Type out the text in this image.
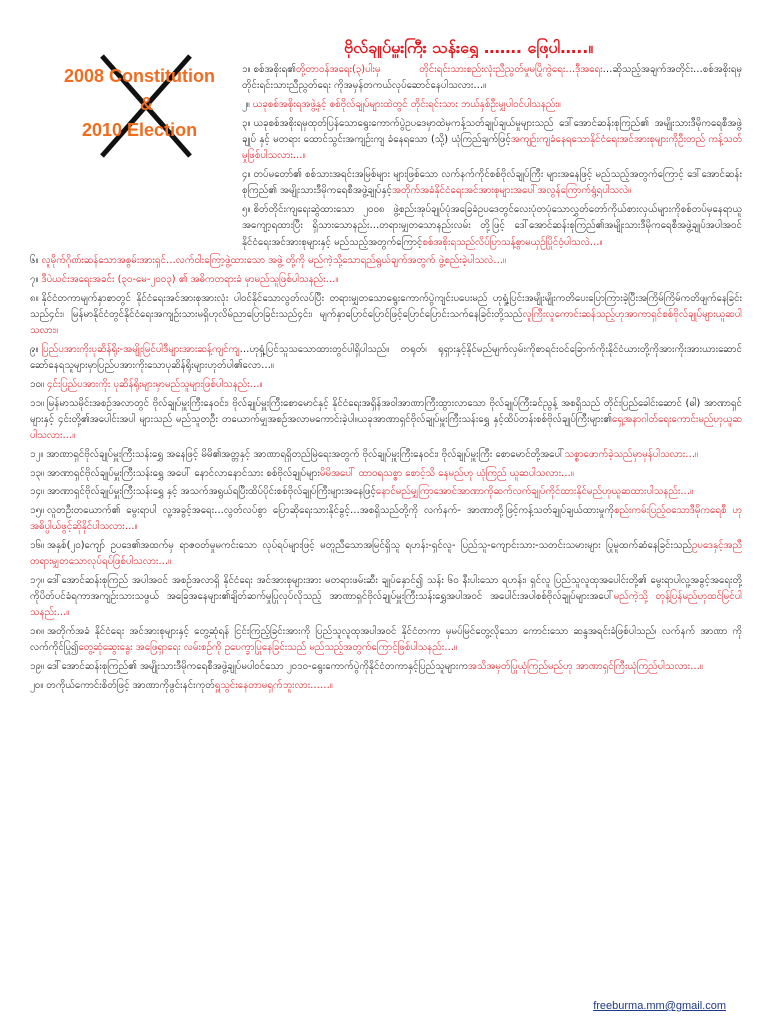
2008 Constitution
&
2010 Election
ဗိုလ်ချုပ်မှူးကြီး သန်းရွှေ ……. ဖြေပါ…..။
၁။ စစ်အစိုးရ၏တို့တာဝန်အရေး(၃)ပါးမှ တိုင်းရင်းသားစည်းလုံးညီညွတ်မှုမပြိုကွဲရေး…ဒီုအရေး…ဆိုသည့်အချက်အတိုင်း…စစ်အစိုးရမှ တိုင်းရင်းသားညီညွတ်ရေး ကိုအမှန်တကယ်လုပ်ဆောင်နေပါသလား…။
၂။ ယခုစစ်အစိုးရအဖွဲ့နှင့် စစ်ဗိုလ်ချုပ်များထဲတွင် တိုင်းရင်းသား ဘယ်နှစ်ဦးမျှပါဝင်ပါသနည်း။
၃။ ယခုစစ်အစိုးရမှထုတ်ပြန်သောရွေးကောက်ပွဲဥပဒေမှာထဲမှကန့်သတ်ချုပ်ချယ်မှုများသည် ဒေါ်အောင်ဆန်းစုကြည်၏ အမျိုးသားဒီမိုကရေစီအဖွဲ့ချုပ် နှင့် မတရား ထောင်သွင်းအကျဉ်းကျ ခံနေရသော (သို့) ယုံကြည်ချက်ဖြင့်အကျဉ်းကျခံနေရသောနိုင်ငံရေးအင်အားစုများကိုဦးတည် ကန့်သတ်မှုဖြစ်ပါသလား…။
၄။ တပ်မတော်၏ စစ်သားအရင်းအမြစ်များ များဖြစ်သော လက်နက်ကိုင်စစ်ဗိုလ်ချုပ်ကြီး များအနေဖြင့် မည်သည့်အတွက်ကြောင့် ဒေါ်အောင်ဆန်းစုကြည်၏ အမျိုးသားဒီမိုကရေစီအဖွဲ့ချုပ်နှင့်အတိုက်အခံနိုင်ငံရေးအင်အားစုများအပေါ်အလွန်ကြောက်ရွံ့ရပါသလဲ။
၅။ စိတ်တိုင်းကျရေးဆွဲထားသော ၂၀၀၈ ဖွဲ့စည်းအုပ်ချုပ်ပုံအခြေခံဥပဒေတွင်လေးပုံတပုံသောလွှတ်တော်ကိုယ်စားလှယ်များကိုစစ်တပ်မှနေရာယူ အကျော့ရထားပြီး ရှိသားသောနည်း…တရားမျှတသောနည်းလမ်း တို့ဖြင့် ဒေါ်အောင်ဆန်းစုကြည်၏အမျိုးသားဒီမိုကရေစီအဖွဲ့ချုပ်အပါအဝင်နိုင်ငံရေးအင်အားစုများနှင့် မည်သည့်အတွက်ကြောင့်စစ်အစိုးရသည်လိပ်ပြာသန့်စွာမယှဉ်ပြိုင်ဝံ့ပါသလဲ…။
၆။ လူမိုက်ဂိုဏ်းဆန်သောအစွမ်းအားရှင်…လက်ဝါးကြော့ဖွဲ့ထားသော အဖွဲ့ တို့ကို မည်ကဲ့သို့သောရည်ရွယ်ချက်အတွက် ဖွဲ့စည်းခဲ့ပါသလဲ…။
၇။ ဒီပဲယင်းအရေးအခင်း (၃၀-မေ-၂၀၀၃) ၏ အဓိကတရားခံ မှာမည်သူဖြစ်ပါသနည်း…။
၈။ နိုင်ငံတကာမျက်နှာစာတွင် နိုင်ငံရေးအင်အားစုအားလုံး ပါဝင်နိုင်သောလွတ်လပ်ပြီး တရားမျှတသောရွေးကောက်ပွဲကျင်းပပေးမည် ဟုရှုံ့ပြင်းအမျိုးမျိုးကတိပေးပြောကြားခဲ့ပြီးအကြိမ်ကြိမ်ကတိဖျက်နေခြင်းသည်၄င်း၊ မြန်မာနိုင်ငံတွင်နိုင်ငံရေးအကျဉ်းသားမရှိဟုလိမ်ညာပြောခြင်းသည်၄င်း၊ မျက်နှာပြောင်ပြောင်ဖြင့်ပြောင်ပြောင်းသက်နေခြင်းတို့သည်လူကြီးလူကောင်းဆန်သည့်ဟုအာကာရှင်စစ်ဗိုလ်ချုပ်များယူဆပါသလား။
၉။ ပြည်ပအားကိုးပုဆိန်ရိုး-အမျိုးမြင်ပါဒီများအားဆန့်ကျင်ကျ…ဟုရှုံ့ပြင်သူသသောထားတွင်ပါရှိပါသည်။ တရုတ်၊ ရုရှားနှင့်နိုင်မည်မျက်လှမ်းကိုစာရင်းဝင်ခြောက်ကိုးနိုင်ငံယားတို့ကိုအားကိုးအားယားဆောင်ဆော်နေရသူများမှာပြည်ပအားကိုးသောပုဆိန်ရိုးများဟုတ်ပါ၏လော…။
၁၀။ ၄င်းပြည်ပအားကိုး ပုဆိန်ရိုးများမှာမည်သူများဖြစ်ပါသနည်း…။
၁၁။ မြန်မာသမိုင်းအစဉ်အလာတွင် ဗိုလ်ချုပ်မှူးကြီးနေဝင်း၊ ဗိုလ်ချုပ်မှူးကြီးစောမောင်နှင့် နိုင်ငံရေးအရှိန်အဝါအာဏာကြီးထွားလာသော ဗိုလ်ချုပ်ကြီးခင်ညွန့် အစရှိသည် တိုင်းပြည်ခေါင်းဆောင် (ဓါ) အာဏာရှင်များနှင့် ၄င်းတို့၏အပေါင်းအပါ များသည် မည်သူတဦး တယောက်မျှအစဉ်အလာမကောင်းခဲ့ပါ။ယခုအာဏာရှင်ဗိုလ်ချုပ်မှူးကြီးသန်းရွှေ နှင့်ထိပ်တန်းစစ်ဗိုလ်ချုပ်ကြီးများ၏ရှေ့အနာဂါတ်ရေးကောင်းမည်ဟုယူဆပါသလား…။
၁၂။ အာဏာရှင်ဗိုလ်ချုပ်မှူးကြီးသန်းရွှေ အနေဖြင့် မိမိ၏အတ္တနှင့် အာဏာရရှိတည်မြဲရေးအတွက် ဗိုလ်ချုပ်မှူးကြီးနေဝင်း၊ ဗိုလ်ချုပ်မှူးကြီး စောမောင်တို့အပေါ်သစ္စာဖောက်ခဲ့သည်မှာမှန်ပါသလား…။
၁၃။ အာဏာရှင်ဗိုလ်ချုပ်မှူးကြီးသန်းရွှေ အပေါ် နောင်လာနောင်သား စစ်ဗိုလ်ချုပ်များမိမိအပေါ် ထာဝရသစ္စာ စောင့်သိ နေမည်ဟု ယုံကြည် ယူဆပါသလား…။
၁၄။ အာဏာရှင်ဗိုလ်ချုပ်မှူးကြီးသန်းရွှေ နှင့် အသက်အရွယ်ရပြီးထိပ်ပိုင်းစစ်ဗိုလ်ချုပ်ကြီးများအနေဖြင့်နောင်မည်မျှကြာအောင်အာဏာကိုဆက်လက်ချုပ်ကိုင်ထားနိုင်မည်ဟုယူဆထားပါသနည်း…။
၁၅။ လူတဦးတယောက်၏ မွေးရာပါ လူ့အခွင့်အရေး…လွတ်လပ်စွာ ပြောဆိုရေးသားနိုင်ခွင့်…အစရှိသည်တို့ကို လက်နက်- အာဏာတို့ဖြင့်ကန့်သတ်ချုပ်ချယ်ထားမှုကိုစည်းကမ်းပြည့်ဝသောဒီမိုကရေစီ ဟုအဓိပ္ပါယ်ဖွင့်ဆိုနိုင်ပါသလား…။
၁၆။ အနှစ်(၂၀)ကျော် ဥပဒေ၏အထက်မှ ရာဇဝတ်မှုမကင်းသော လုပ်ရပ်များဖြင့် မတူညီသောအမြင်ရှိသူ ရဟန်း-ရှင်လူ- ပြည်သူ-ကျောင်းသား-သတင်းသမားများ ပြုမူထက်ဆံနေခြင်းသည်ဥပဒေနှင့်အညီ တရားမျှတသောလုပ်ရပ်ဖြစ်ပါသလား…။
၁၇။ ဒေါ်အောင်ဆန်းစုကြည် အပါအဝင် အစဉ်အလာရှိ နိုင်ငံရေး အင်အားစုများအား မတရားဖမ်းဆီး ချုပ်နှောင်၍ သန်း ၆၀ နီးပါးသော ရဟန်း၊ ရှင်လူ ပြည်သူလူထုအပေါင်းတို့၏ မွေးရာပါလူ့အခွင့်အရေးတို့ကိုပိတ်ပင်ခံရကာအကျဉ်းသားသဖွယ် အခြေအနေများ၏ချိတ်ဆက်မှုပြုလုပ်လိုသည့် အာဏာရှင်ဗိုလ်ချုပ်မှူးကြီးသန်းရွှေအပါအဝင် အပေါင်းအပါစစ်ဗိုလ်ချုပ်များအပေါ်မည်ကဲ့သို့ တုန့်ပြန်မည်ဟုထင်မြင်ပါသနည်း…။
၁၈။ အတိုက်အခံ နိုင်ငံရေး အင်အားစုများနှင့် တွေ့ဆုံရန် ငြင်းကြည့်ခြင်းအားကို ပြည်သူလူထုအပါအဝင် နိုင်ငံတကာ မှမပ်မြင်တွေ့လိုသော ကောင်းသော ဆန္ဒအရင်းခံဖြစ်ပါသည်၊ လက်နက် အာဏာ ကိုလက်ကိုင်ပြု၍တွေ့ဆုံဆွေးနွေး အဖြေရှာရေး လမ်းစဉ်ကို ဥပေက္ခာပြုနေခြင်းသည် မည်သည့်အတွက်ကြောင့်ဖြစ်ပါသနည်း…။
၁၉။ ဒေါ်အောင်ဆန်းစုကြည်၏ အမျိုးသားဒီမိုကရေစီအဖွဲ့ချုပ်မပါဝင်သော ၂၀၁၀-ရွေးကောက်ပွဲကိုနိုင်ငံတကာနှင့်ပြည်သူများကအသိအမှတ်ပြုယုံကြည်မည်ဟု အာဏာရှင်ကြီးယုံကြည်ပါသလား…။
၂၀။ တကိုယ်ကောင်းစိတ်ဖြင့် အာဏာကိုဖွင်းနင်းကုတ်ရှူသွင်းနေတာမရှက်ဘူးလား……။
freeburma.mm@gmail.com
